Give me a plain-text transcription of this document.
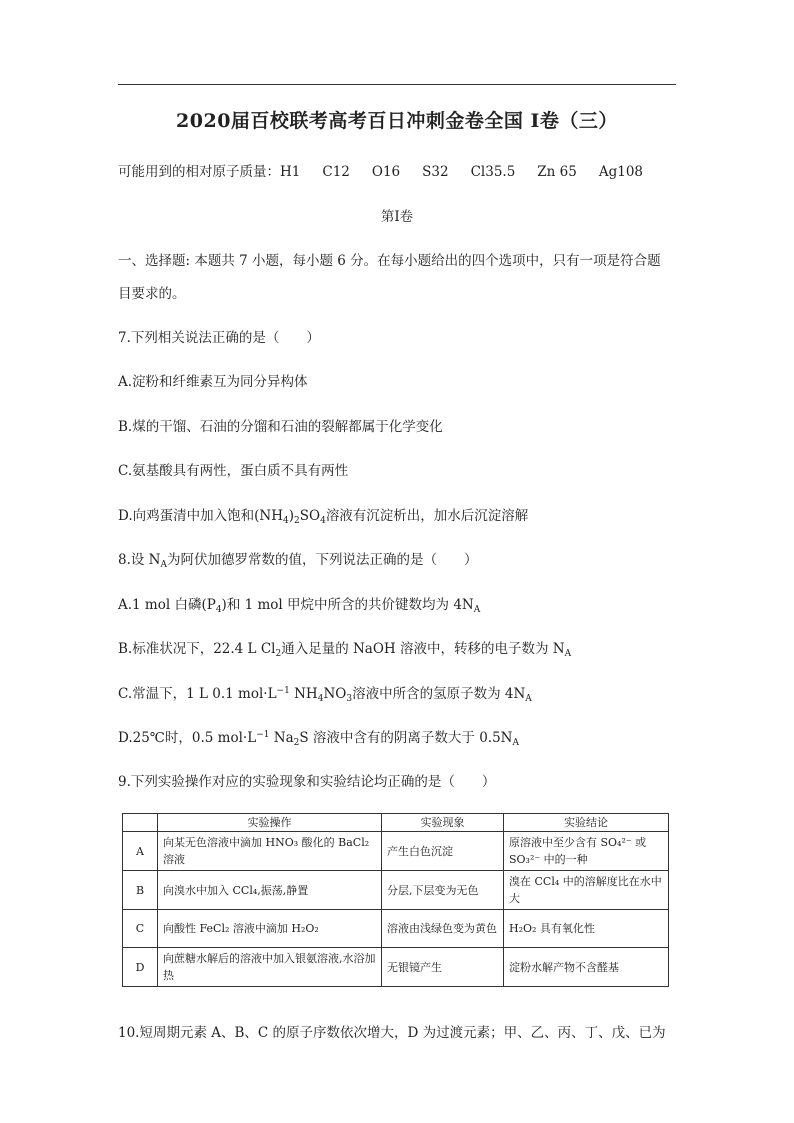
2020届百校联考高考百日冲刺金卷全国 Ⅰ卷（三）
可能用到的相对原子质量：H1 C12 O16 S32 Cl35.5 Zn 65 Ag108
第I卷
一、选择题: 本题共 7 小题，每小题 6 分。在每小题给出的四个选项中，只有一项是符合题
目要求的。
7.下列相关说法正确的是（　　）
A.淀粉和纤维素互为同分异构体
B.煤的干馏、石油的分馏和石油的裂解都属于化学变化
C.氨基酸具有两性，蛋白质不具有两性
D.向鸡蛋清中加入饱和$(NH_4)_2SO_4$溶液有沉淀析出，加水后沉淀溶解
8.设 $N_A$为阿伏加德罗常数的值，下列说法正确的是（　　）
A.1 mol 白磷$(P_4)$和 1 mol 甲烷中所含的共价键数均为 $4N_A$
B.标准状况下，22.4 L $Cl_2$通入足量的 NaOH 溶液中，转移的电子数为 $N_A$
C.常温下，1 L 0.1 $mol\cdot L^{-1}$ $NH_4NO_3$溶液中所含的氢原子数为 $4N_A$
D.25℃时，0.5 $mol\cdot L^{-1}$ $Na_2S$ 溶液中含有的阴离子数大于 $0.5N_A$
9.下列实验操作对应的实验现象和实验结论均正确的是（　　）
	实验操作	实验现象	实验结论
A	向某无色溶液中滴加 HNO₃ 酸化的 BaCl₂ 溶液	产生白色沉淀	原溶液中至少含有 SO₄²⁻ 或 SO₃²⁻ 中的一种
B	向溴水中加入 CCl₄,振荡,静置	分层,下层变为无色	溴在 CCl₄ 中的溶解度比在水中大
C	向酸性 FeCl₂ 溶液中滴加 H₂O₂	溶液由浅绿色变为黄色	H₂O₂ 具有氧化性
D	向蔗糖水解后的溶液中加入银氨溶液,水浴加热	无银镜产生	淀粉水解产物不含醛基
10.短周期元素 A、B、C 的原子序数依次增大，D 为过渡元素；甲、乙、丙、丁、戊、已为
